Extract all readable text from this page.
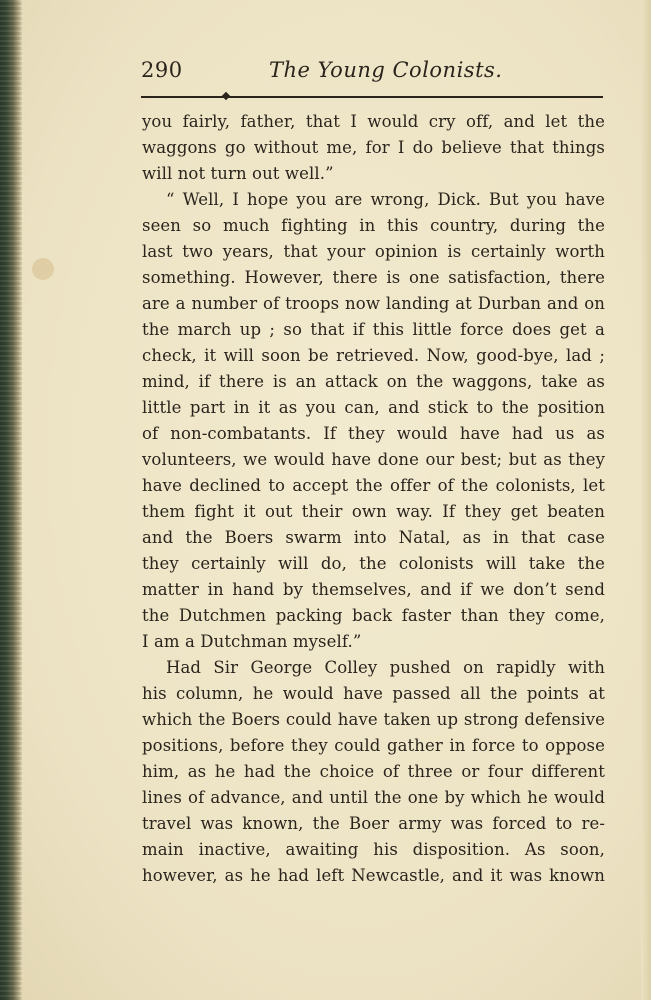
290	The Young Colonists.
you fairly, father, that I would cry off, and let the
waggons go without me, for I do believe that things
will not turn out well.”
“ Well, I hope you are wrong, Dick. But you have
seen so much fighting in this country, during the
last two years, that your opinion is certainly worth
something. However, there is one satisfaction, there
are a number of troops now landing at Durban and on
the march up ; so that if this little force does get a
check, it will soon be retrieved. Now, good-bye, lad ;
mind, if there is an attack on the waggons, take as
little part in it as you can, and stick to the position
of non-combatants. If they would have had us as
volunteers, we would have done our best; but as they
have declined to accept the offer of the colonists, let
them fight it out their own way. If they get beaten
and the Boers swarm into Natal, as in that case
they certainly will do, the colonists will take the
matter in hand by themselves, and if we don’t send
the Dutchmen packing back faster than they come,
I am a Dutchman myself.”
Had Sir George Colley pushed on rapidly with
his column, he would have passed all the points at
which the Boers could have taken up strong defensive
positions, before they could gather in force to oppose
him, as he had the choice of three or four different
lines of advance, and until the one by which he would
travel was known, the Boer army was forced to re-
main inactive, awaiting his disposition. As soon,
however, as he had left Newcastle, and it was known
